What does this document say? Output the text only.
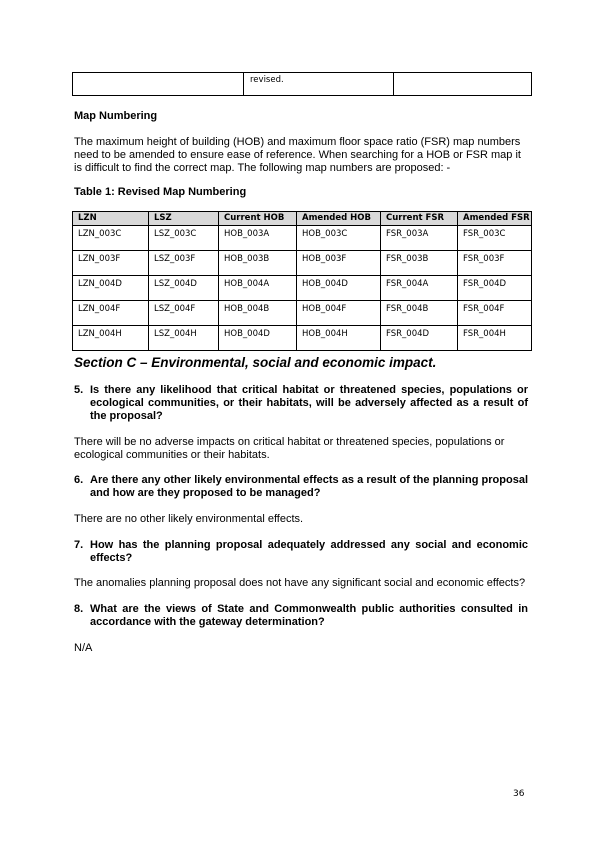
	revised.	
Map Numbering
The maximum height of building (HOB) and maximum floor space ratio (FSR) map numbers need to be amended to ensure ease of reference. When searching for a HOB or FSR map it is difficult to find the correct map. The following map numbers are proposed: -
Table 1: Revised Map Numbering
LZN	LSZ	Current HOB	Amended HOB	Current FSR	Amended FSR
LZN_003C	LSZ_003C	HOB_003A	HOB_003C	FSR_003A	FSR_003C
LZN_003F	LSZ_003F	HOB_003B	HOB_003F	FSR_003B	FSR_003F
LZN_004D	LSZ_004D	HOB_004A	HOB_004D	FSR_004A	FSR_004D
LZN_004F	LSZ_004F	HOB_004B	HOB_004F	FSR_004B	FSR_004F
LZN_004H	LSZ_004H	HOB_004D	HOB_004H	FSR_004D	FSR_004H
Section C – Environmental, social and economic impact.
5. Is there any likelihood that critical habitat or threatened species, populations or ecological communities, or their habitats, will be adversely affected as a result of the proposal?
There will be no adverse impacts on critical habitat or threatened species, populations or ecological communities or their habitats.
6. Are there any other likely environmental effects as a result of the planning proposal and how are they proposed to be managed?
There are no other likely environmental effects.
7. How has the planning proposal adequately addressed any social and economic effects?
The anomalies planning proposal does not have any significant social and economic effects?
8. What are the views of State and Commonwealth public authorities consulted in accordance with the gateway determination?
N/A
36
